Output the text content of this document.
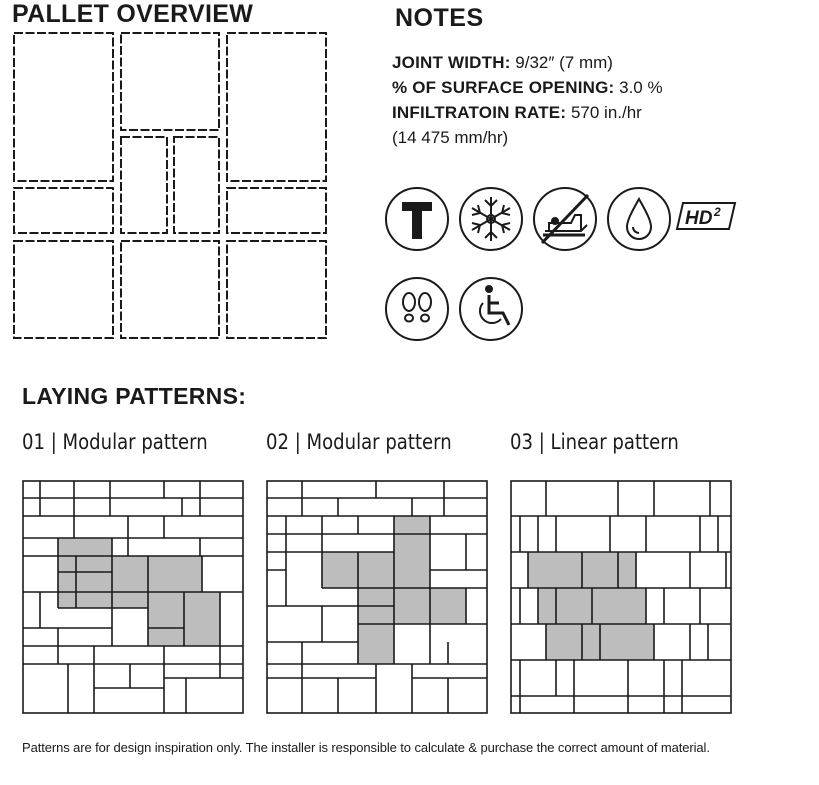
PALLET OVERVIEW	NOTES
JOINT WIDTH: 9/32″ (7 mm)
% OF SURFACE OPENING: 3.0 %
INFILTRATOIN RATE: 570 in./hr
(14 475 mm/hr)
HD 2
LAYING PATTERNS:
01 | Modular pattern	02 | Modular pattern	03 | Linear pattern
Patterns are for design inspiration only. The installer is responsible to calculate & purchase the correct amount of material.
